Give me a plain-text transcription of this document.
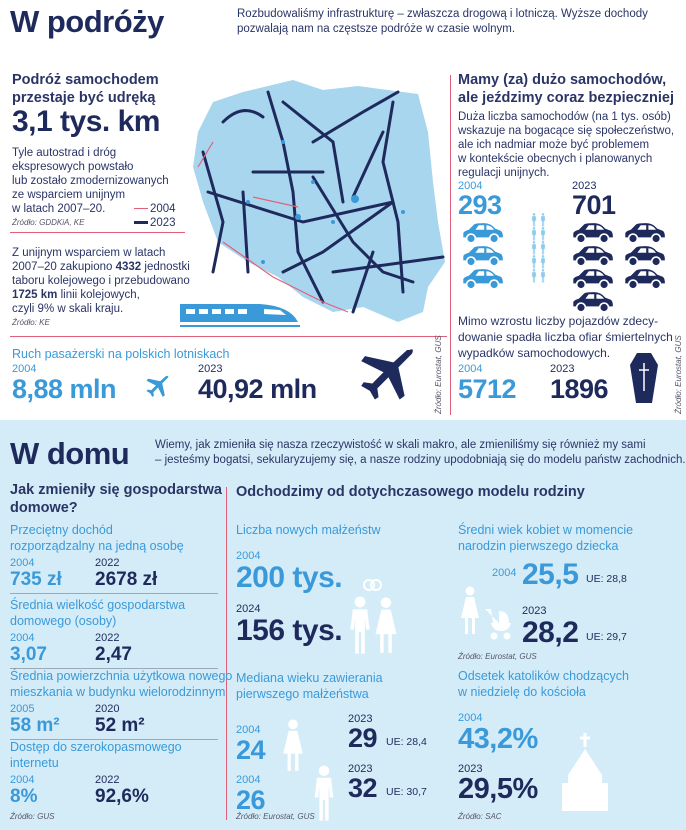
W podróży	Rozbudowaliśmy infrastrukturę – zwłaszcza drogową i lotniczą. Wyższe dochody
pozwalają nam na częstsze podróże w czasie wolnym.
Podróż samochodem
przestaje być udręką
3,1 tys. km
Tyle autostrad i dróg
ekspresowych powstało
lub zostało zmodernizowanych
ze wsparciem unijnym
w latach 2007–20.	2004
2023
Źródło: GDDKiA, KE
Z unijnym wsparciem w latach
2007–20 zakupiono 4332 jednostki
taboru kolejowego i przebudowano
1725 km linii kolejowych,
czyli 9% w skali kraju.
Źródło: KE
Ruch pasażerski na polskich lotniskach
2004
8,88 mln
2023
40,92 mln	Źródło: Eurostat, GUS
Mamy (za) dużo samochodów,
ale jeździmy coraz bezpieczniej
Duża liczba samochodów (na 1 tys. osób)
wskazuje na bogacące się społeczeństwo,
ale ich nadmiar może być problemem
w kontekście obecnych i planowanych
regulacji unijnych.
2004
293
2023
701
Mimo wzrostu liczby pojazdów zdecy-
dowanie spadła liczba ofiar śmiertelnych
wypadków samochodowych.
2004
5712
2023
1896	Źródło: Eurostat, GUS
W domu Wiemy, jak zmieniła się nasza rzeczywistość w skali makro, ale zmieniliśmy się również my sami
– jesteśmy bogatsi, sekularyzujemy się, a nasze rodziny upodobniają się do modelu państw zachodnich.
Jak zmieniły się gospodarstwa
domowe?
Przeciętny dochód
rozporządzalny na jedną osobę
2004
735 zł
2022
2678 zł
Średnia wielkość gospodarstwa
domowego (osoby)
2004
3,07
2022
2,47
Średnia powierzchnia użytkowa nowego
mieszkania w budynku wielorodzinnym
2005
58 m²
2020
52 m²
Dostęp do szerokopasmowego
internetu
2004
8%
2022
92,6%
Źródło: GUS
Odchodzimy od dotychczasowego modelu rodziny
Liczba nowych małżeństw
2004
200 tys.
2024
156 tys.
Mediana wieku zawierania
pierwszego małżeństwa
2004
24
2023
29 UE: 28,4
2004
26
2023
32 UE: 30,7
Źródło: Eurostat, GUS
Średni wiek kobiet w momencie
narodzin pierwszego dziecka
2004 25,5 UE: 28,8
2023
28,2 UE: 29,7
Źródło: Eurostat, GUS
Odsetek katolików chodzących
w niedzielę do kościoła
2004
43,2%
2023
29,5%
Źródło: SAC
